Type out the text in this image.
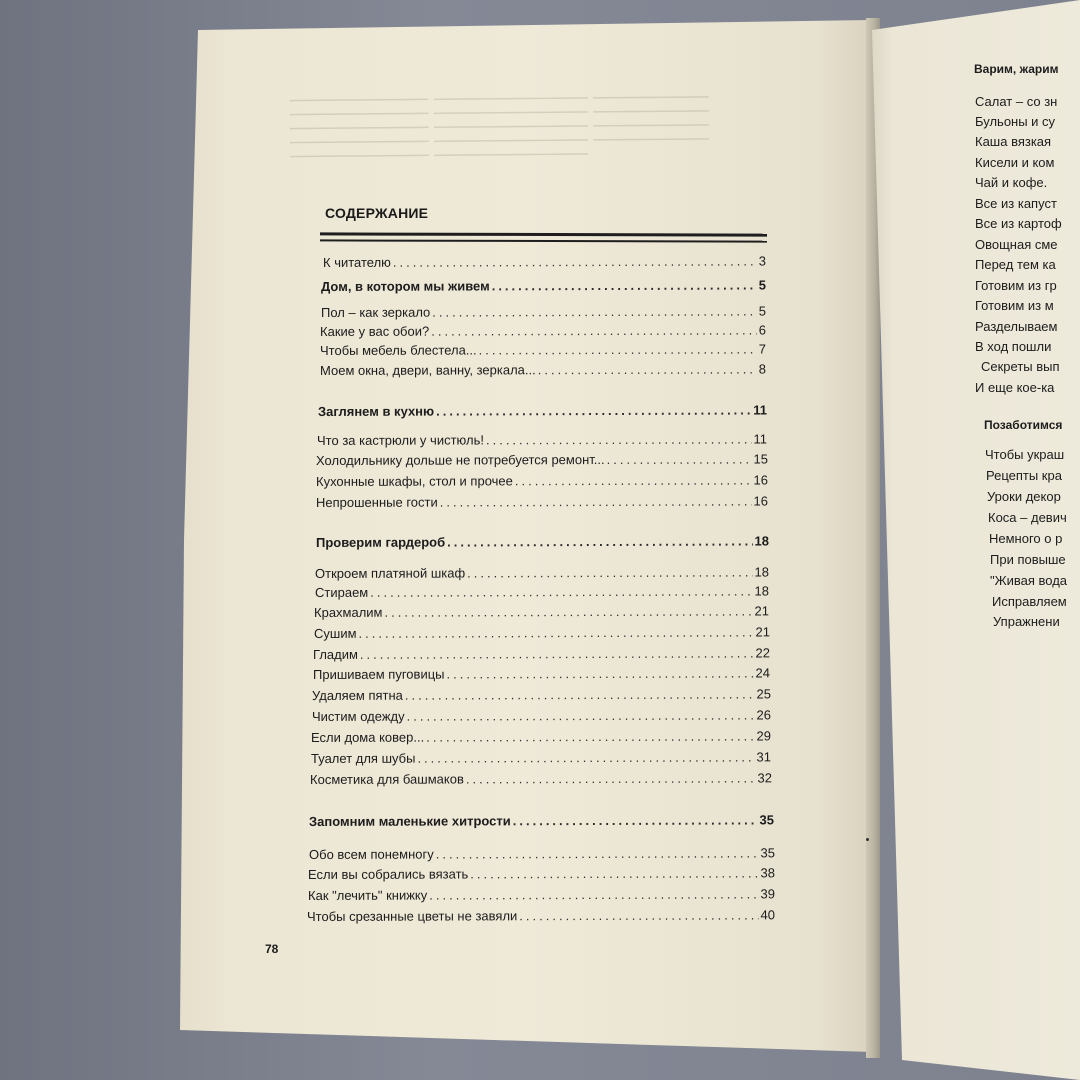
▁▁▁▁▁▁▁▁▁▁▁▁▁▁▁▁▁▁  ▁▁▁▁▁▁▁▁▁▁▁▁▁▁▁▁▁▁▁▁  ▁▁▁▁▁▁▁▁▁▁▁▁▁▁▁
▁▁▁▁▁▁▁▁▁▁▁▁▁▁▁▁▁▁  ▁▁▁▁▁▁▁▁▁▁▁▁▁▁▁▁▁▁▁▁  ▁▁▁▁▁▁▁▁▁▁▁▁▁▁▁
▁▁▁▁▁▁▁▁▁▁▁▁▁▁▁▁▁▁  ▁▁▁▁▁▁▁▁▁▁▁▁▁▁▁▁▁▁▁▁  ▁▁▁▁▁▁▁▁▁▁▁▁▁▁▁
▁▁▁▁▁▁▁▁▁▁▁▁▁▁▁▁▁▁  ▁▁▁▁▁▁▁▁▁▁▁▁▁▁▁▁▁▁▁▁  ▁▁▁▁▁▁▁▁▁▁▁▁▁▁▁
▁▁▁▁▁▁▁▁▁▁▁▁▁▁▁▁▁▁  ▁▁▁▁▁▁▁▁▁▁▁▁▁▁▁▁▁▁▁▁
СОДЕРЖАНИЕ
К читателю .....	3
Дом, в котором мы живем .....	5
Пол – как зеркало .....	5
Какие у вас обои? .....	6
Чтобы мебель блестела... .....	7
Моем окна, двери, ванну, зеркала... .....	8
Заглянем в кухню .....	11
Что за кастрюли у чистюль! .....	11
Холодильнику дольше не потребуется ремонт... .....	15
Кухонные шкафы, стол и прочее .....	16
Непрошенные гости .....	16
Проверим гардероб .....	18
Откроем платяной шкаф .....	18
Стираем .....	18
Крахмалим .....	21
Сушим .....	21
Гладим .....	22
Пришиваем пуговицы .....	24
Удаляем пятна .....	25
Чистим одежду .....	26
Если дома ковер... .....	29
Туалет для шубы .....	31
Косметика для башмаков .....	32
Запомним маленькие хитрости .....	35
Обо всем понемногу .....	35
Если вы собрались вязать .....	38
Как "лечить" книжку .....	39
Чтобы срезанные цветы не завяли .....	40
78
Варим, жарим
Салат – со зн
Бульоны и су
Каша вязкая
Кисели и ком
Чай и кофе.
Все из капуст
Все из картоф
Овощная сме
Перед тем ка
Готовим из гр
Готовим из м
Разделываем
В ход пошли
Секреты вып
И еще кое-ка
Позаботимся
Чтобы украш
Рецепты кра
Уроки декор
Коса – девич
Немного о р
При повыше
"Живая вода
Исправляем
Упражнени
